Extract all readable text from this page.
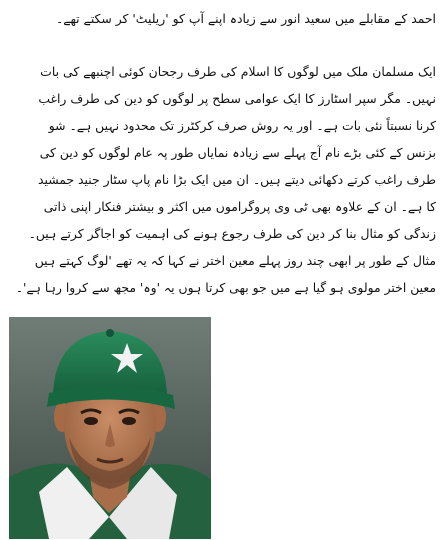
احمد کے مقابلے میں سعید انور سے زیادہ اپنے آپ کو 'ریلیٹ' کر سکتے تھے۔
ایک مسلمان ملک میں لوگوں کا اسلام کی طرف رجحان کوئی اچنبھے کی بات
نہیں۔ مگر سپر اسٹارز کا ایک عوامی سطح پر لوگوں کو دین کی طرف راغب
کرنا نسبتاً نئی بات ہے۔ اور یہ روش صرف کرکٹرز تک محدود نہیں ہے۔ شو
بزنس کے کئی بڑے نام آج پہلے سے زیادہ نمایاں طور پہ عام لوگوں کو دین کی
طرف راغب کرتے دکھائی دیتے ہیں۔ ان میں ایک بڑا نام پاپ سٹار جنید جمشید
کا ہے۔ ان کے علاوہ بھی ٹی وی پروگراموں میں اکثر و بیشتر فنکار اپنی ذاتی
زندگی کو مثال بنا کر دین کی طرف رجوع ہونے کی اہمیت کو اجاگر کرتے ہیں۔
مثال کے طور پر ابھی چند روز پہلے معین اختر نے کہا کہ یہ تھے 'لوگ کہتے ہیں
معین اختر مولوی ہو گیا ہے میں جو بھی کرتا ہوں یہ 'وہ' مجھ سے کروا رہا ہے'۔
